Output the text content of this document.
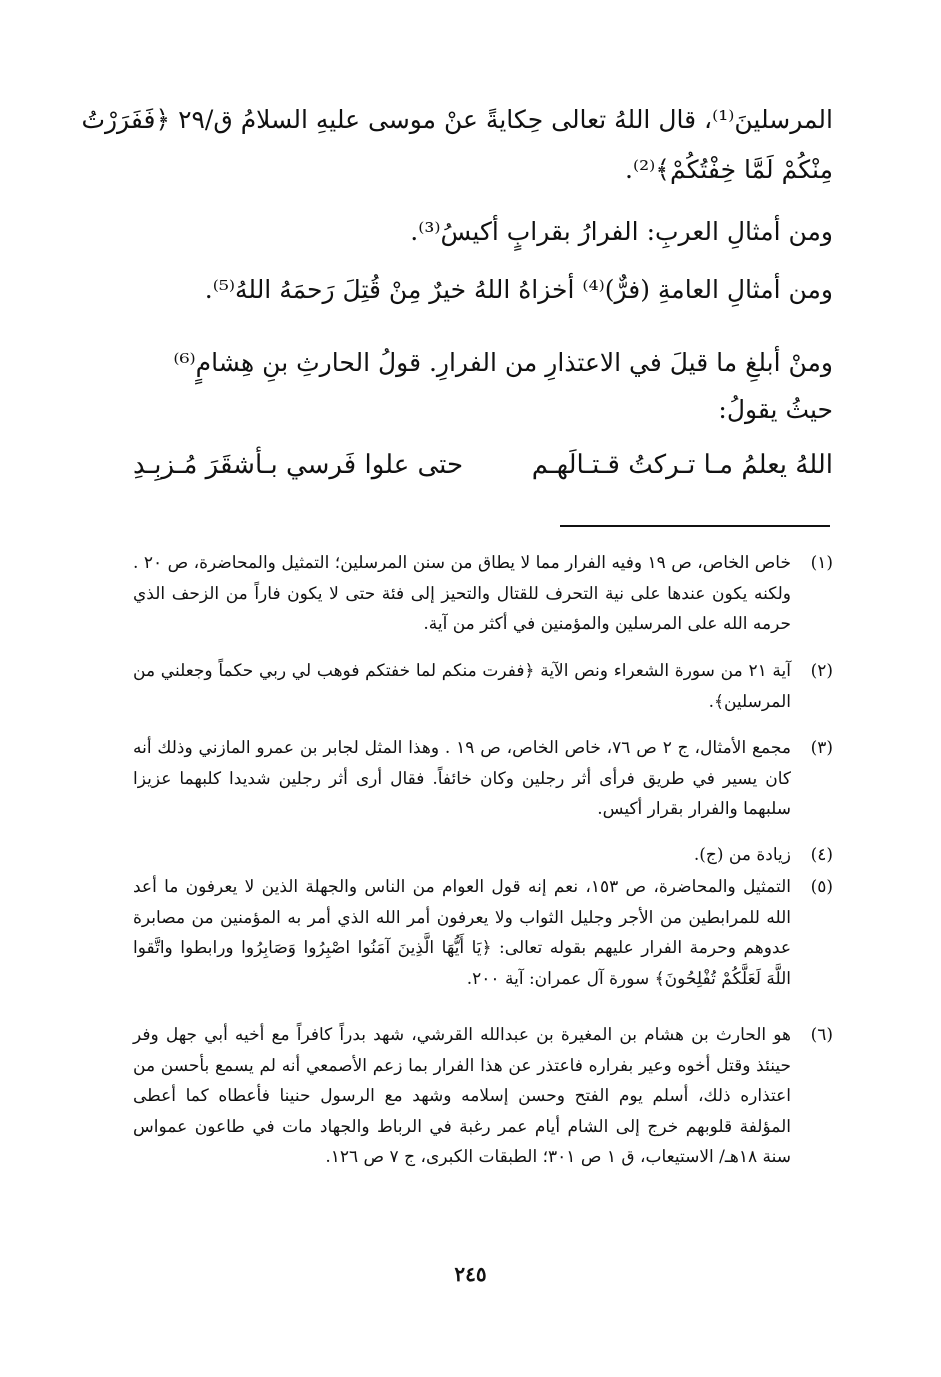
المرسلينَ⁽¹⁾، قال اللهُ تعالى حِكايةً عنْ موسى عليهِ السلامُ ق/٢٩ ﴿فَفَرَرْتُ
مِنْكُمْ لَمَّا خِفْتُكُمْ﴾⁽²⁾.
ومن أمثالِ العربِ: الفرارُ بقرابٍ أكيسُ⁽³⁾.
ومن أمثالِ العامةِ (فرٌّ)⁽⁴⁾ أخزاهُ اللهُ خيرٌ مِنْ قُتِلَ رَحمَهُ اللهُ⁽⁵⁾.
ومنْ أبلغِ ما قيلَ في الاعتذارِ من الفرارِ. قولُ الحارثِ بنِ هِشامٍ⁽⁶⁾
حيثُ يقولُ:
اللهُ يعلمُ مـا تـركتُ قـتـالَهـم
حتى علوا فَرسي بـأشقَرَ مُـزبِـدِ
(١)
خاص الخاص، ص ١٩ وفيه الفرار مما لا يطاق من سنن المرسلين؛ التمثيل والمحاضرة، ص ٢٠ . ولكنه يكون عندها على نية التحرف للقتال والتحيز إلى فئة حتى لا يكون فاراً من الزحف الذي حرمه الله على المرسلين والمؤمنين في أكثر من آية.
(٢)
آية ٢١ من سورة الشعراء ونص الآية ﴿ففرت منكم لما خفتكم فوهب لي ربي حكماً وجعلني من المرسلين﴾.
(٣)
مجمع الأمثال، ج ٢ ص ٧٦، خاص الخاص، ص ١٩ . وهذا المثل لجابر بن عمرو المازني وذلك أنه كان يسير في طريق فرأى أثر رجلين وكان خائفاً. فقال أرى أثر رجلين شديدا كلبهما عزيزا سلبهما والفرار بقرار أكيس.
(٤)
زيادة من (ج).
(٥)
التمثيل والمحاضرة، ص ١٥٣، نعم إنه قول العوام من الناس والجهلة الذين لا يعرفون ما أعد الله للمرابطين من الأجر وجليل الثواب ولا يعرفون أمر الله الذي أمر به المؤمنين من مصابرة عدوهم وحرمة الفرار عليهم بقوله تعالى: ﴿يَا أَيُّهَا الَّذِينَ آمَنُوا اصْبِرُوا وَصَابِرُوا ورابطوا واتَّقوا اللَّهَ لَعَلَّكُمْ تُفْلِحُونَ﴾ سورة آل عمران: آية ٢٠٠.
(٦)
هو الحارث بن هشام بن المغيرة بن عبدالله القرشي، شهد بدراً كافراً مع أخيه أبي جهل وفر حينئذ وقتل أخوه وعير بفراره فاعتذر عن هذا الفرار بما زعم الأصمعي أنه لم يسمع بأحسن من اعتذاره ذلك، أسلم يوم الفتح وحسن إسلامه وشهد مع الرسول حنينا فأعطاه كما أعطى المؤلفة قلوبهم خرج إلى الشام أيام عمر رغبة في الرباط والجهاد مات في طاعون عمواس سنة ١٨هـ/ الاستيعاب، ق ١ ص ٣٠١؛ الطبقات الكبرى، ج ٧ ص ١٢٦.
٢٤٥
